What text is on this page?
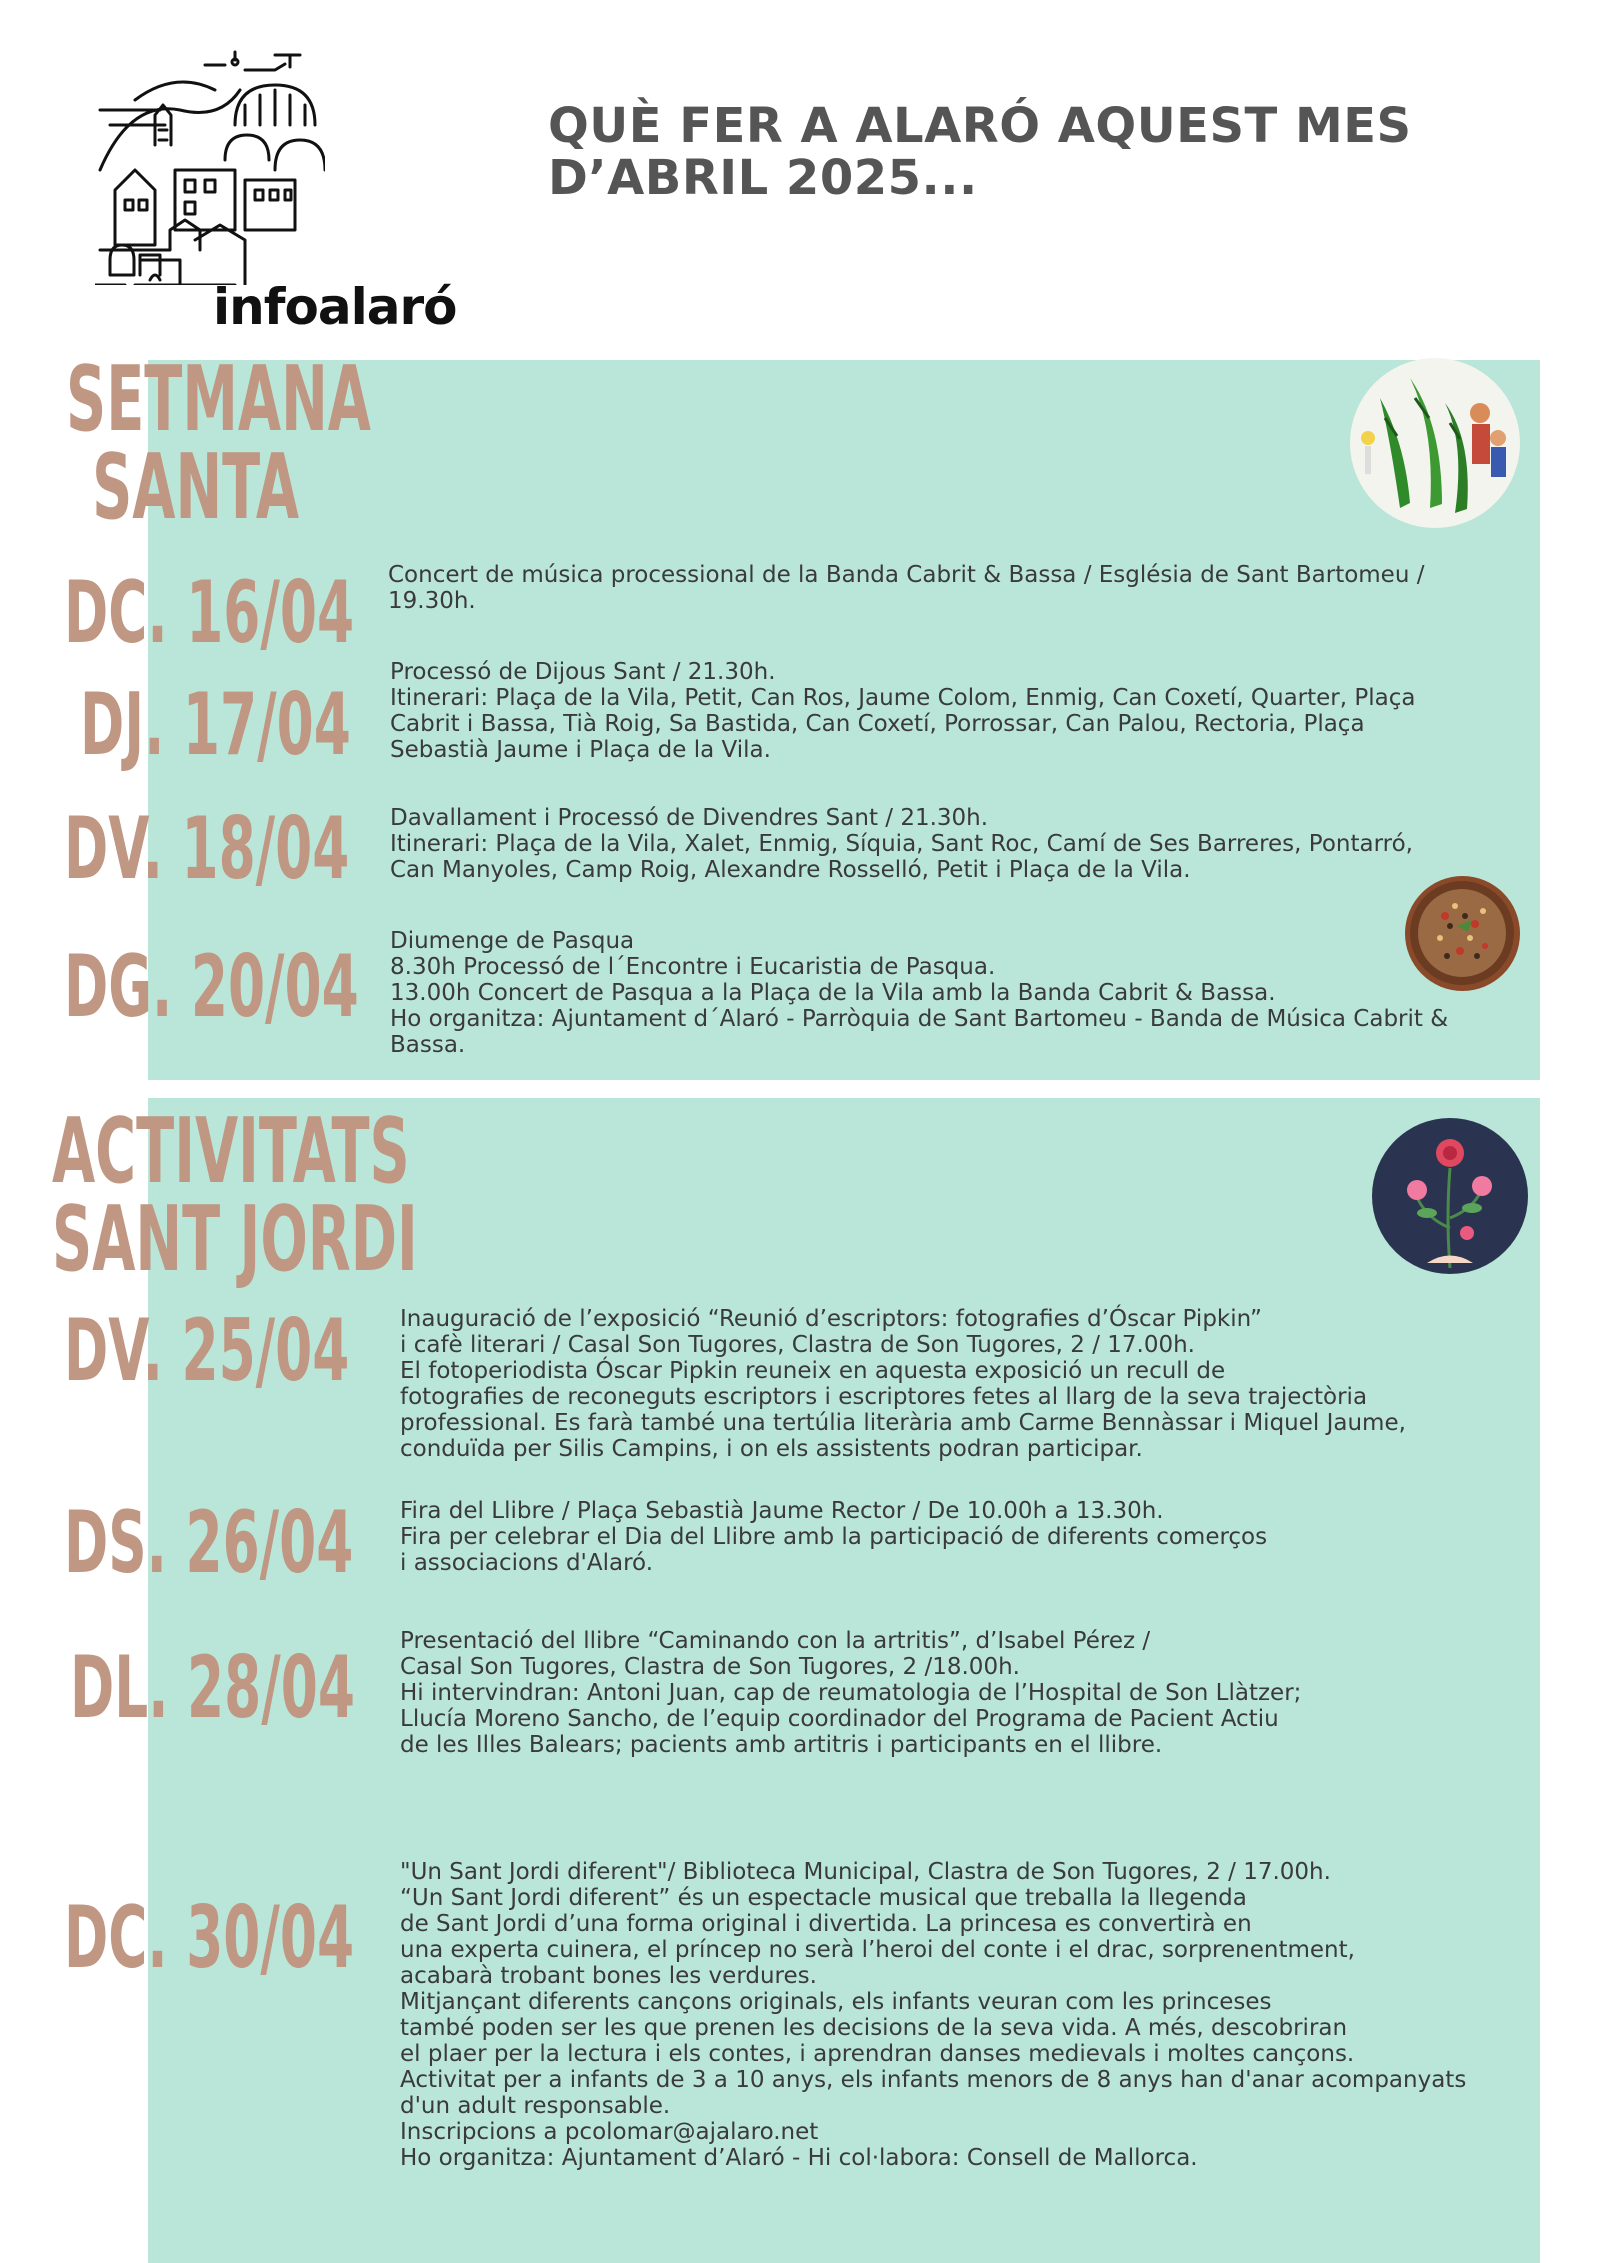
infoalaró

QUÈ FER A ALARÓ AQUEST MES
D’ABRIL 2025...
SETMANA
SANTA

DC. 16/04

DJ. 17/04

DV. 18/04

DG. 20/04

Concert de música processional de la Banda Cabrit & Bassa / Església de Sant Bartomeu /
19.30h.
Processó de Dijous Sant / 21.30h.
Itinerari: Plaça de la Vila, Petit, Can Ros, Jaume Colom, Enmig, Can Coxetí, Quarter, Plaça
Cabrit i Bassa, Tià Roig, Sa Bastida, Can Coxetí, Porrossar, Can Palou, Rectoria, Plaça
Sebastià Jaume i Plaça de la Vila.
Davallament i Processó de Divendres Sant / 21.30h.
Itinerari: Plaça de la Vila, Xalet, Enmig, Síquia, Sant Roc, Camí de Ses Barreres, Pontarró,
Can Manyoles, Camp Roig, Alexandre Rosselló, Petit i Plaça de la Vila.
Diumenge de Pasqua
8.30h Processó de l´Encontre i Eucaristia de Pasqua.
13.00h Concert de Pasqua a la Plaça de la Vila amb la Banda Cabrit & Bassa.
Ho organitza: Ajuntament d´Alaró - Parròquia de Sant Bartomeu - Banda de Música Cabrit &
Bassa.
ACTIVITATS
SANT JORDI

DV. 25/04

DS. 26/04

DL. 28/04

DC. 30/04

Inauguració de l’exposició “Reunió d’escriptors: fotografies d’Óscar Pipkin”
i cafè literari / Casal Son Tugores, Clastra de Son Tugores, 2 / 17.00h.
El fotoperiodista Óscar Pipkin reuneix en aquesta exposició un recull de
fotografies de reconeguts escriptors i escriptores fetes al llarg de la seva trajectòria
professional. Es farà també una tertúlia literària amb Carme Bennàssar i Miquel Jaume,
conduïda per Silis Campins, i on els assistents podran participar.
Fira del Llibre / Plaça Sebastià Jaume Rector / De 10.00h a 13.30h.
Fira per celebrar el Dia del Llibre amb la participació de diferents comerços
i associacions d'Alaró.
Presentació del llibre “Caminando con la artritis”, d’Isabel Pérez /
Casal Son Tugores, Clastra de Son Tugores, 2 /18.00h.
Hi intervindran: Antoni Juan, cap de reumatologia de l’Hospital de Son Llàtzer;
Llucía Moreno Sancho, de l’equip coordinador del Programa de Pacient Actiu
de les Illes Balears; pacients amb artitris i participants en el llibre.
"Un Sant Jordi diferent"/ Biblioteca Municipal, Clastra de Son Tugores, 2 / 17.00h.
“Un Sant Jordi diferent” és un espectacle musical que treballa la llegenda
de Sant Jordi d’una forma original i divertida. La princesa es convertirà en
una experta cuinera, el príncep no serà l’heroi del conte i el drac, sorprenentment,
acabarà trobant bones les verdures.
Mitjançant diferents cançons originals, els infants veuran com les princeses
també poden ser les que prenen les decisions de la seva vida. A més, descobriran
el plaer per la lectura i els contes, i aprendran danses medievals i moltes cançons.
Activitat per a infants de 3 a 10 anys, els infants menors de 8 anys han d'anar acompanyats
d'un adult responsable.
Inscripcions a pcolomar@ajalaro.net
Ho organitza: Ajuntament d’Alaró - Hi col·labora: Consell de Mallorca.
